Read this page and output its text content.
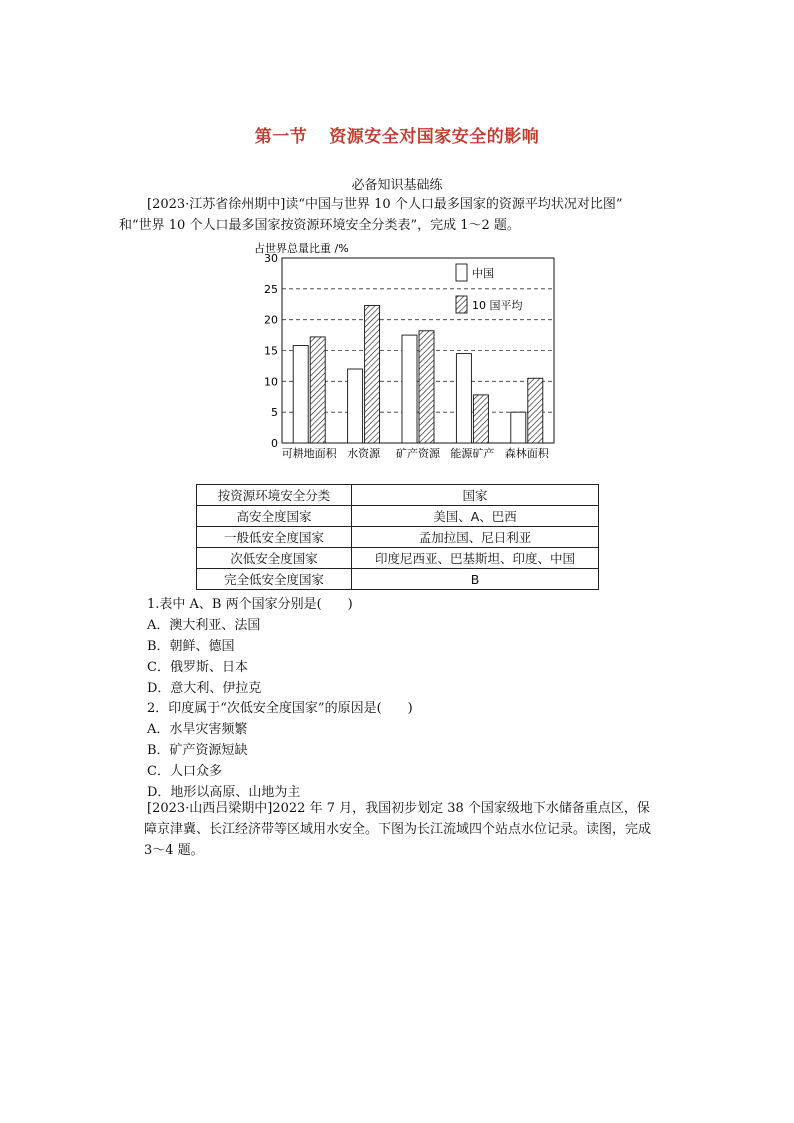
第一节 资源安全对国家安全的影响
必备知识基础练
[2023·江苏省徐州期中]读“中国与世界 10 个人口最多国家的资源平均状况对比图”
和“世界 10 个人口最多国家按资源环境安全分类表”，完成 1～2 题。
占世界总量比重 /%
0
5
10
15
20
25
30
可耕地面积 水资源 矿产资源 能源矿产 森林面积
中国
10 国平均
按资源环境安全分类	国家
高安全度国家	美国、A、巴西
一般低安全度国家	孟加拉国、尼日利亚
次低安全度国家	印度尼西亚、巴基斯坦、印度、中国
完全低安全度国家	B
1.表中 A、B 两个国家分别是(　　)
A．澳大利亚、法国
B．朝鲜、德国
C．俄罗斯、日本
D．意大利、伊拉克
2．印度属于“次低安全度国家”的原因是(　　)
A．水旱灾害频繁
B．矿产资源短缺
C．人口众多
D．地形以高原、山地为主
[2023·山西吕梁期中]2022 年 7 月，我国初步划定 38 个国家级地下水储备重点区，保
障京津冀、长江经济带等区域用水安全。下图为长江流域四个站点水位记录。读图，完成
3～4 题。
